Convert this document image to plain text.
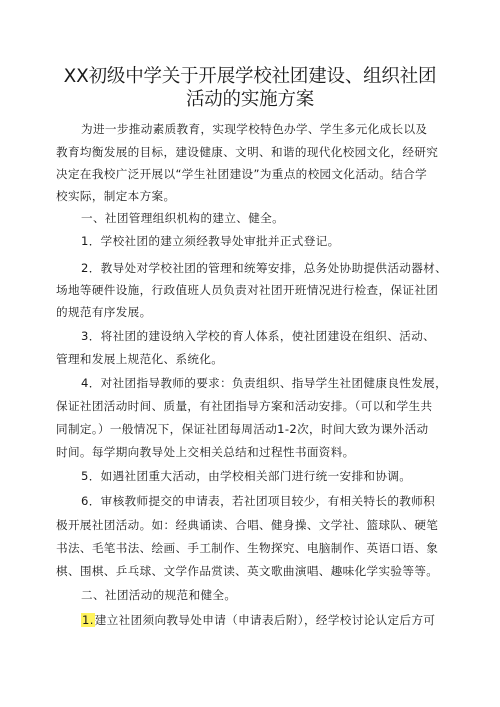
XX初级中学关于开展学校社团建设、组织社团
活动的实施方案
为进一步推动素质教育，实现学校特色办学、学生多元化成长以及
教育均衡发展的目标，建设健康、文明、和谐的现代化校园文化，经研究
决定在我校广泛开展以“学生社团建设”为重点的校园文化活动。结合学
校实际，制定本方案。
一、社团管理组织机构的建立、健全。
1．学校社团的建立须经教导处审批并正式登记。
2．教导处对学校社团的管理和统筹安排，总务处协助提供活动器材、
场地等硬件设施，行政值班人员负责对社团开班情况进行检查，保证社团
的规范有序发展。
3．将社团的建设纳入学校的育人体系，使社团建设在组织、活动、
管理和发展上规范化、系统化。
4．对社团指导教师的要求：负责组织、指导学生社团健康良性发展，
保证社团活动时间、质量，有社团指导方案和活动安排。（可以和学生共
同制定。）一般情况下，保证社团每周活动1-2次，时间大致为课外活动
时间。每学期向教导处上交相关总结和过程性书面资料。
5．如遇社团重大活动，由学校相关部门进行统一安排和协调。
6．审核教师提交的申请表，若社团项目较少，有相关特长的教师积
极开展社团活动。如：经典诵读、合唱、健身操、文学社、篮球队、硬笔
书法、毛笔书法、绘画、手工制作、生物探究、电脑制作、英语口语、象
棋、围棋、乒乓球、文学作品赏读、英文歌曲演唱、趣味化学实验等等。
二、社团活动的规范和健全。
1.建立社团须向教导处申请（申请表后附），经学校讨论认定后方可
